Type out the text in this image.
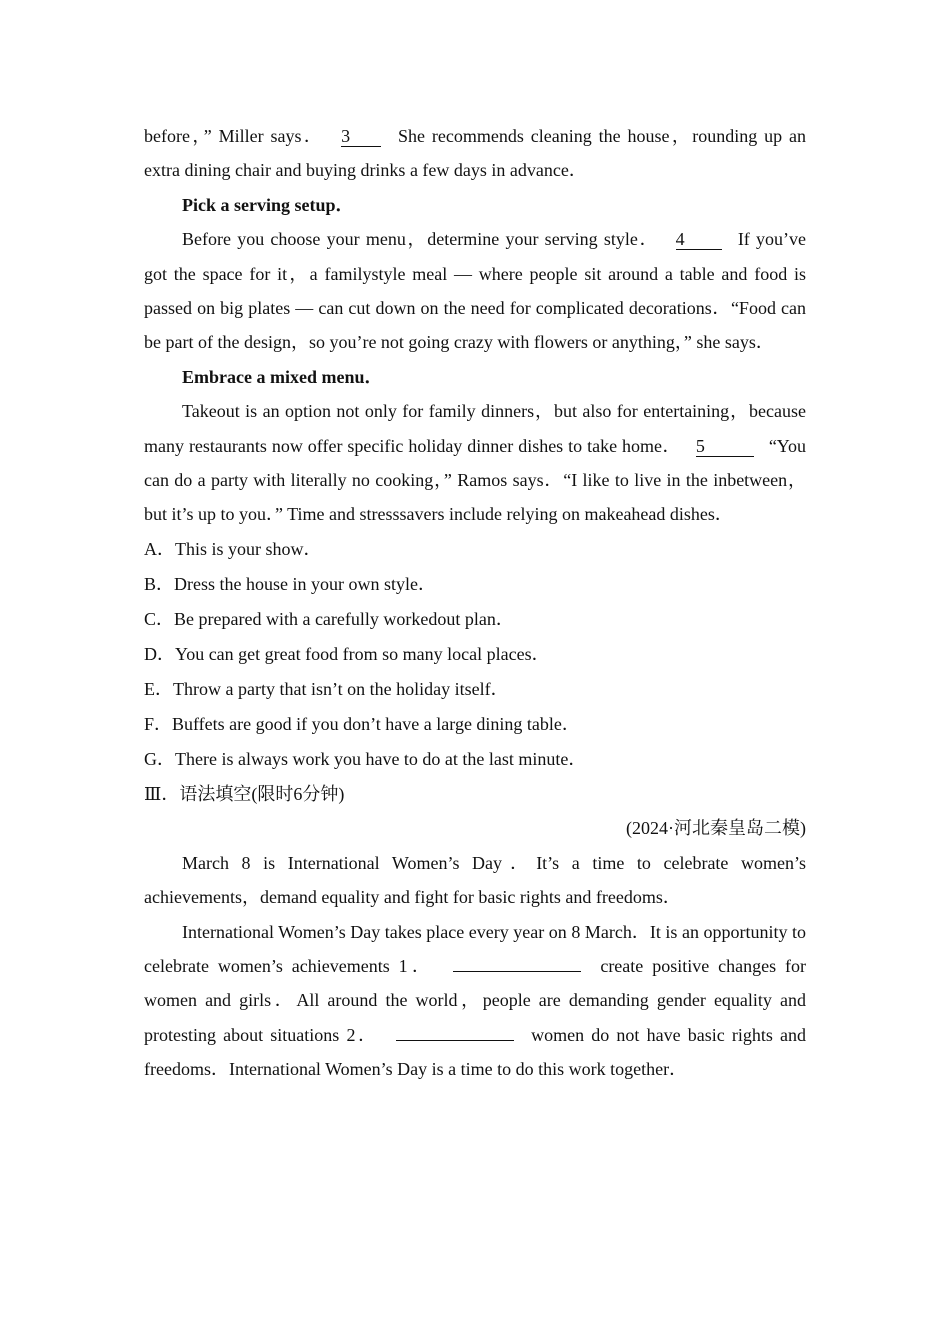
before，” Miller says． 3	She recommends cleaning the house，rounding up an extra dining chair and buying drinks a few days in advance．

Pick a serving setup．

Before you choose your menu，determine your serving style． 4	If you’ve got the space for it，a familystyle meal — where people sit around a table and food is passed on big plates — can cut down on the need for complicated decorations．“Food can be part of the design，so you’re not going crazy with flowers or anything，” she says．

Embrace a mixed menu．

Takeout is an option not only for family dinners，but also for entertaining，because many restaurants now offer specific holiday dinner dishes to take home． 5	“You can do a party with literally no cooking，” Ramos says．“I like to live in the inbetween，but it’s up to you．” Time and stresssavers include relying on makeahead dishes．

A．This is your show．

B．Dress the house in your own style．

C．Be prepared with a carefully workedout plan．

D．You can get great food from so many local places．

E．Throw a party that isn’t on the holiday itself．

F．Buffets are good if you don’t have a large dining table．

G．There is always work you have to do at the last minute．

Ⅲ．语法填空(限时6分钟)

(2024·河北秦皇岛二模)

March 8 is International Women’s Day．It’s a time to celebrate women’s achievements，demand equality and fight for basic rights and freedoms．

International Women’s Day takes place every year on 8 March．It is an opportunity to celebrate women’s achievements 1．	create positive changes for women and girls．All around the world，people are demanding gender equality and protesting about situations 2．	women do not have basic rights and freedoms．International Women’s Day is a time to do this work together．
